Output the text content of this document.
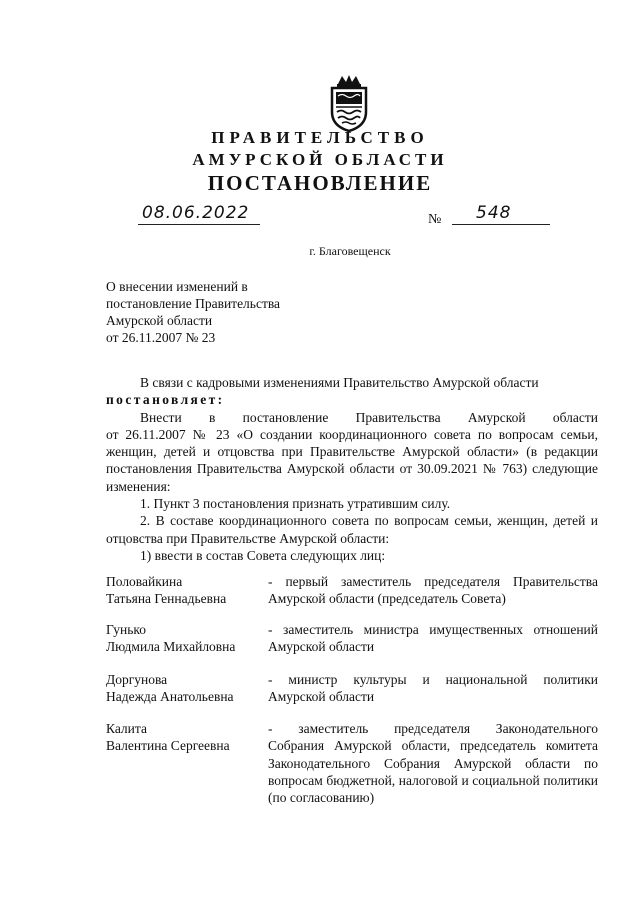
ПРАВИТЕЛЬСТВО
АМУРСКОЙ ОБЛАСТИ
ПОСТАНОВЛЕНИЕ
08.06.2022	№	548
г. Благовещенск
О внесении изменений в
постановление Правительства
Амурской области
от 26.11.2007 № 23

В связи с кадровыми изменениями Правительство Амурской области

постановляет:

Внести в постановление Правительства Амурской области

от 26.11.2007 № 23 «О создании координационного совета по вопросам семьи, женщин, детей и отцовства при Правительстве Амурской области» (в редакции постановления Правительства Амурской области от 30.09.2021 № 763) следующие изменения:

1. Пункт 3 постановления признать утратившим силу.

2. В составе координационного совета по вопросам семьи, женщин, детей и отцовства при Правительстве Амурской области:

1) ввести в состав Совета следующих лиц:

Половайкина
Татьяна Геннадьевна
- первый заместитель председателя Правительства
Амурской области (председатель Совета)
Гунько
Людмила Михайловна
- заместитель министра имущественных отношений
Амурской области
Доргунова
Надежда Анатольевна
- министр культуры и национальной политики
Амурской области
Калита
Валентина Сергеевна
- заместитель председателя Законодательного
Собрания Амурской области, председатель комитета Законодательного Собрания Амурской области по вопросам бюджетной, налоговой и социальной политики (по согласованию)
